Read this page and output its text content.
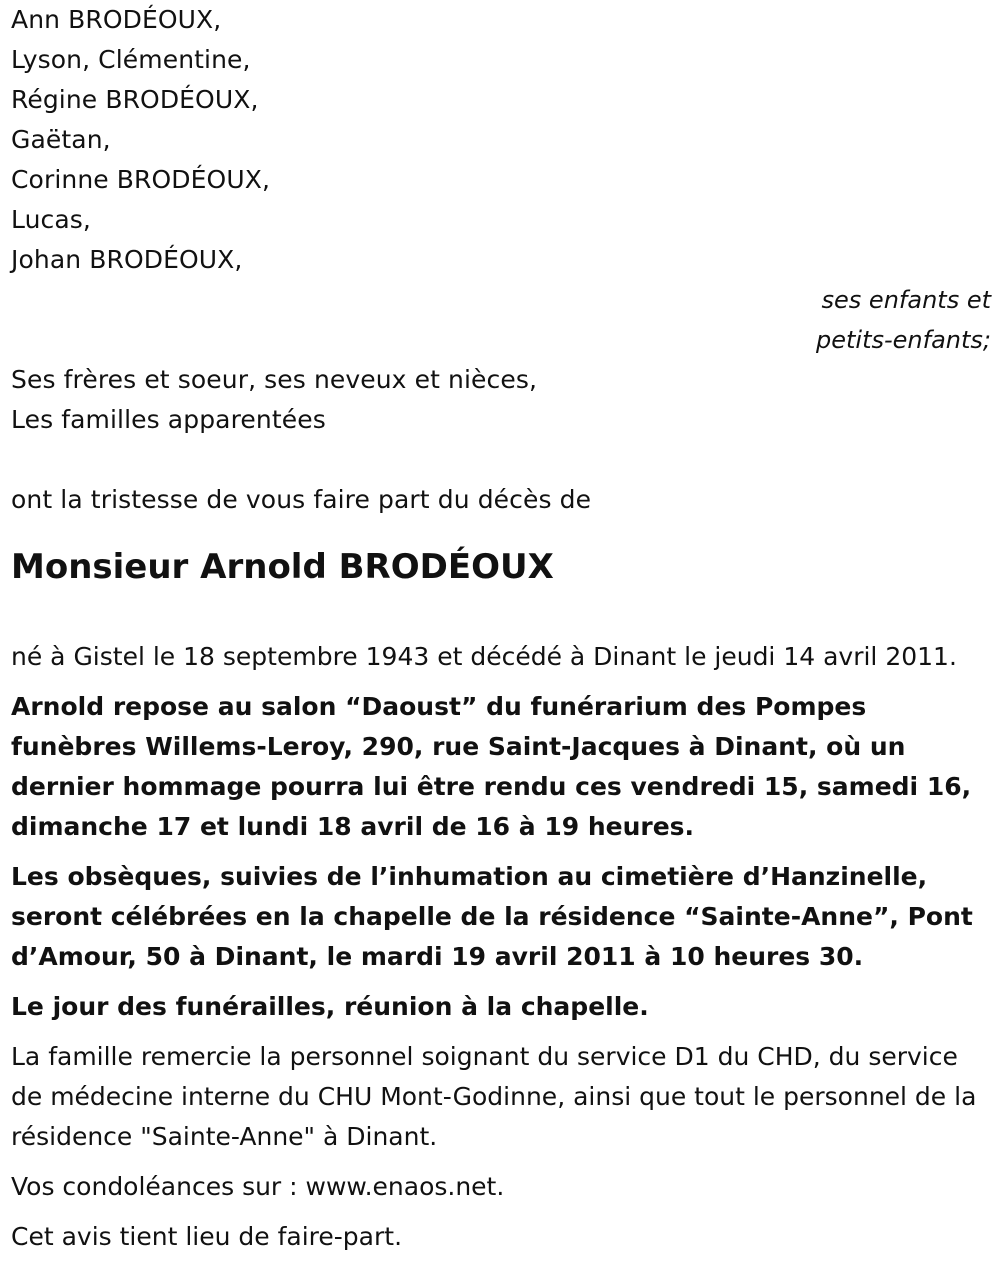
Ann BRODÉOUX,
Lyson, Clémentine,
Régine BRODÉOUX,
Gaëtan,
Corinne BRODÉOUX,
Lucas,
Johan BRODÉOUX,
ses enfants et
petits-enfants;
Ses frères et soeur, ses neveux et nièces,
Les familles apparentées
ont la tristesse de vous faire part du décès de
Monsieur Arnold BRODÉOUX

né à Gistel le 18 septembre 1943 et décédé à Dinant le jeudi 14 avril 2011.

Arnold repose au salon “Daoust” du funérarium des Pompes funèbres Willems-Leroy, 290, rue Saint-Jacques à Dinant, où un dernier hommage pourra lui être rendu ces vendredi 15, samedi 16, dimanche 17 et lundi 18 avril de 16 à 19 heures.

Les obsèques, suivies de l’inhumation au cimetière d’Hanzinelle, seront célébrées en la chapelle de la résidence “Sainte-Anne”, Pont d’Amour, 50 à Dinant, le mardi 19 avril 2011 à 10 heures 30.

Le jour des funérailles, réunion à la chapelle.

La famille remercie la personnel soignant du service D1 du CHD, du service de médecine interne du CHU Mont-Godinne, ainsi que tout le personnel de la résidence "Sainte-Anne" à Dinant.

Vos condoléances sur : www.enaos.net.

Cet avis tient lieu de faire-part.
